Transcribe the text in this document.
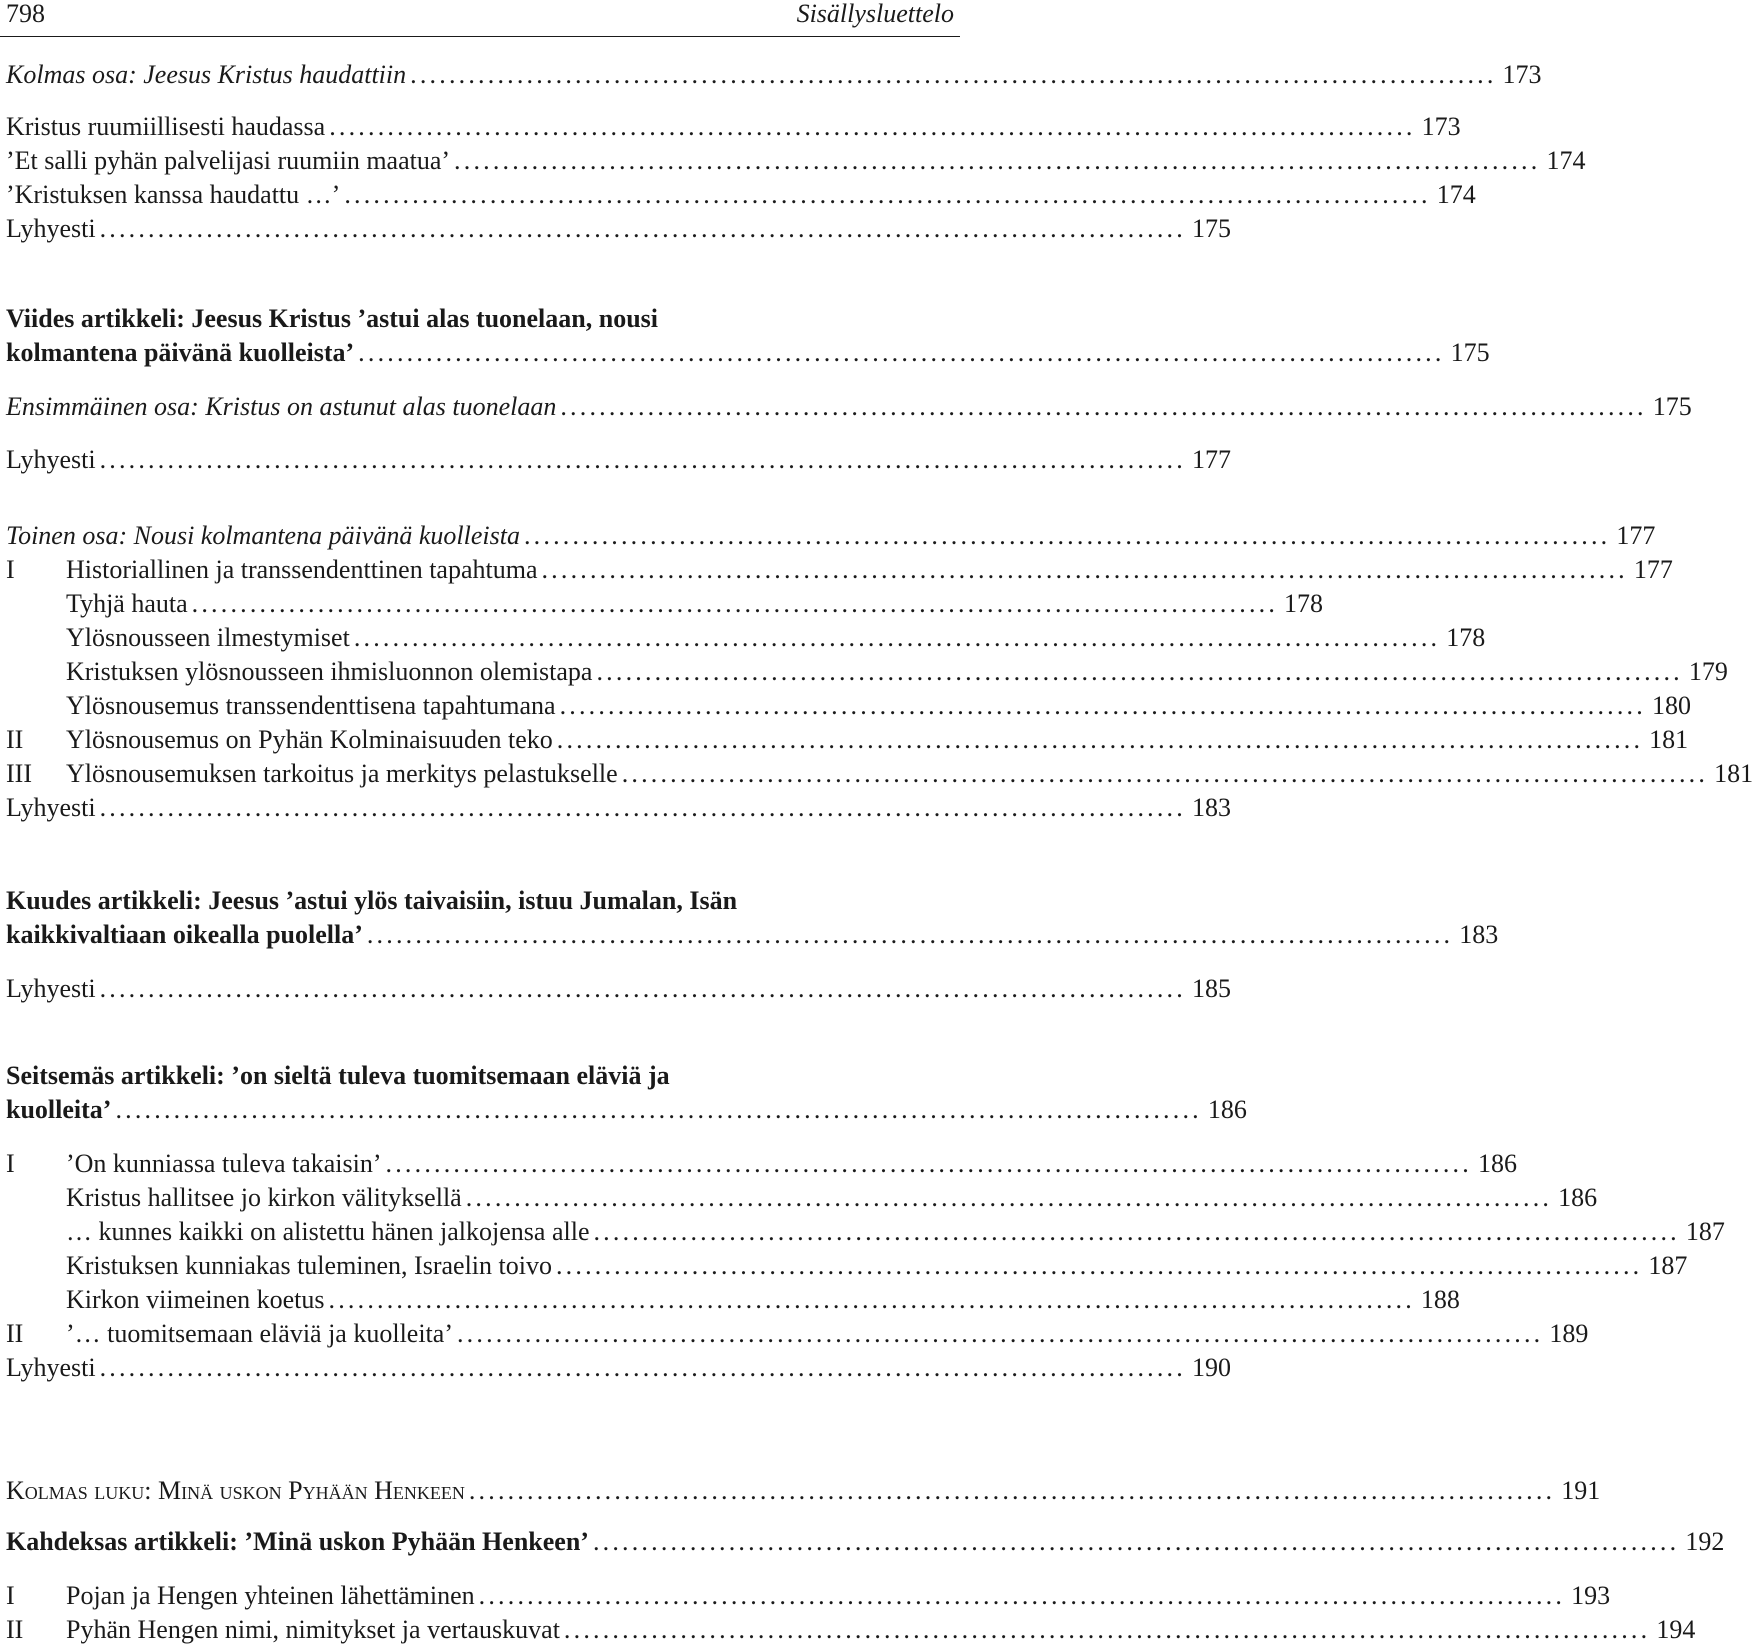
798	Sisällysluettelo
Kolmas osa: Jeesus Kristus haudattiin ................................................................................................................ 173
Kristus ruumiillisesti haudassa ................................................................................................................ 173
’Et salli pyhän palvelijasi ruumiin maatua’ ................................................................................................................ 174
’Kristuksen kanssa haudattu …’ ................................................................................................................ 174
Lyhyesti ................................................................................................................ 175
Viides artikkeli: Jeesus Kristus ’astui alas tuonelaan, nousi
kolmantena päivänä kuolleista’ ................................................................................................................ 175
Ensimmäinen osa: Kristus on astunut alas tuonelaan ................................................................................................................ 175
Lyhyesti ................................................................................................................ 177
Toinen osa: Nousi kolmantena päivänä kuolleista ................................................................................................................ 177
I	Historiallinen ja transsendenttinen tapahtuma ................................................................................................................ 177
Tyhjä hauta ................................................................................................................ 178
Ylösnousseen ilmestymiset ................................................................................................................ 178
Kristuksen ylösnousseen ihmisluonnon olemistapa ................................................................................................................ 179
Ylösnousemus transsendenttisena tapahtumana ................................................................................................................ 180
II	Ylösnousemus on Pyhän Kolminaisuuden teko ................................................................................................................ 181
III	Ylösnousemuksen tarkoitus ja merkitys pelastukselle ................................................................................................................ 181
Lyhyesti ................................................................................................................ 183
Kuudes artikkeli: Jeesus ’astui ylös taivaisiin, istuu Jumalan, Isän
kaikkivaltiaan oikealla puolella’ ................................................................................................................ 183
Lyhyesti ................................................................................................................ 185
Seitsemäs artikkeli: ’on sieltä tuleva tuomitsemaan eläviä ja
kuolleita’ ................................................................................................................ 186
I	’On kunniassa tuleva takaisin’ ................................................................................................................ 186
Kristus hallitsee jo kirkon välityksellä ................................................................................................................ 186
… kunnes kaikki on alistettu hänen jalkojensa alle ................................................................................................................ 187
Kristuksen kunniakas tuleminen, Israelin toivo ................................................................................................................ 187
Kirkon viimeinen koetus ................................................................................................................ 188
II	’… tuomitsemaan eläviä ja kuolleita’ ................................................................................................................ 189
Lyhyesti ................................................................................................................ 190
Kolmas luku: Minä uskon Pyhään Henkeen ................................................................................................................ 191
Kahdeksas artikkeli: ’Minä uskon Pyhään Henkeen’ ................................................................................................................ 192
I	Pojan ja Hengen yhteinen lähettäminen ................................................................................................................ 193
II	Pyhän Hengen nimi, nimitykset ja vertauskuvat ................................................................................................................ 194
